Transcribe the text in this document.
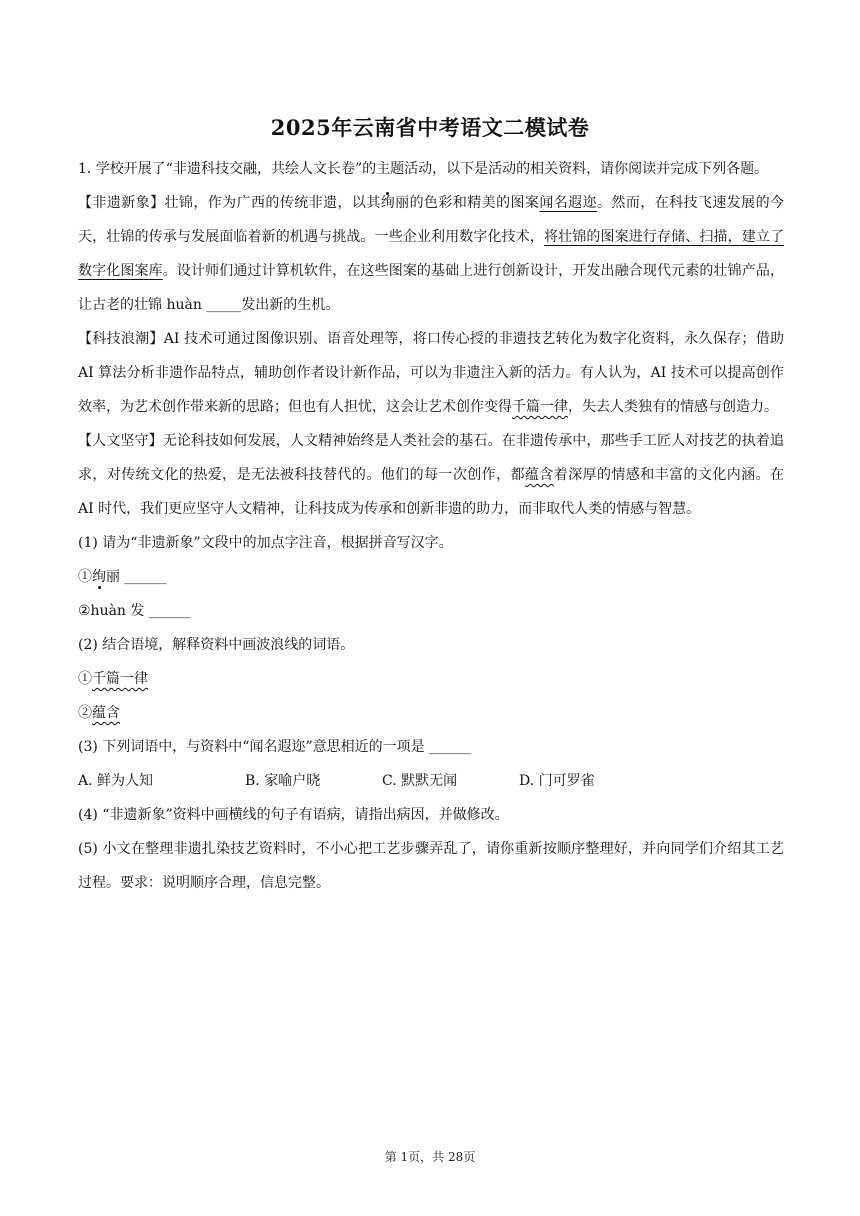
2025年云南省中考语文二模试卷

1. 学校开展了“非遗科技交融，共绘人文长卷”的主题活动，以下是活动的相关资料，请你阅读并完成下列各题。

【非遗新象】壮锦，作为广西的传统非遗，以其绚丽的色彩和精美的图案闻名遐迩。然而，在科技飞速发展的今天，壮锦的传承与发展面临着新的机遇与挑战。一些企业利用数字化技术，将壮锦的图案进行存储、扫描，建立了数字化图案库。设计师们通过计算机软件，在这些图案的基础上进行创新设计，开发出融合现代元素的壮锦产品，让古老的壮锦 huàn _____发出新的生机。

【科技浪潮】AI 技术可通过图像识别、语音处理等，将口传心授的非遗技艺转化为数字化资料，永久保存；借助 AI 算法分析非遗作品特点，辅助创作者设计新作品，可以为非遗注入新的活力。有人认为，AI 技术可以提高创作效率，为艺术创作带来新的思路；但也有人担忧，这会让艺术创作变得千篇一律，失去人类独有的情感与创造力。

【人文坚守】无论科技如何发展，人文精神始终是人类社会的基石。在非遗传承中，那些手工匠人对技艺的执着追求，对传统文化的热爱，是无法被科技替代的。他们的每一次创作，都蕴含着深厚的情感和丰富的文化内涵。在 AI 时代，我们更应坚守人文精神，让科技成为传承和创新非遗的助力，而非取代人类的情感与智慧。

(1) 请为“非遗新象”文段中的加点字注音，根据拼音写汉字。

①绚丽 ______

②huàn 发 ______

(2) 结合语境，解释资料中画波浪线的词语。

①千篇一律

②蕴含

(3) 下列词语中，与资料中“闻名遐迩”意思相近的一项是 ______

A. 鲜为人知	B. 家喻户晓	C. 默默无闻	D. 门可罗雀

(4) “非遗新象”资料中画横线的句子有语病，请指出病因，并做修改。

(5) 小文在整理非遗扎染技艺资料时，不小心把工艺步骤弄乱了，请你重新按顺序整理好，并向同学们介绍其工艺过程。要求：说明顺序合理，信息完整。

第 1页，共 28页
